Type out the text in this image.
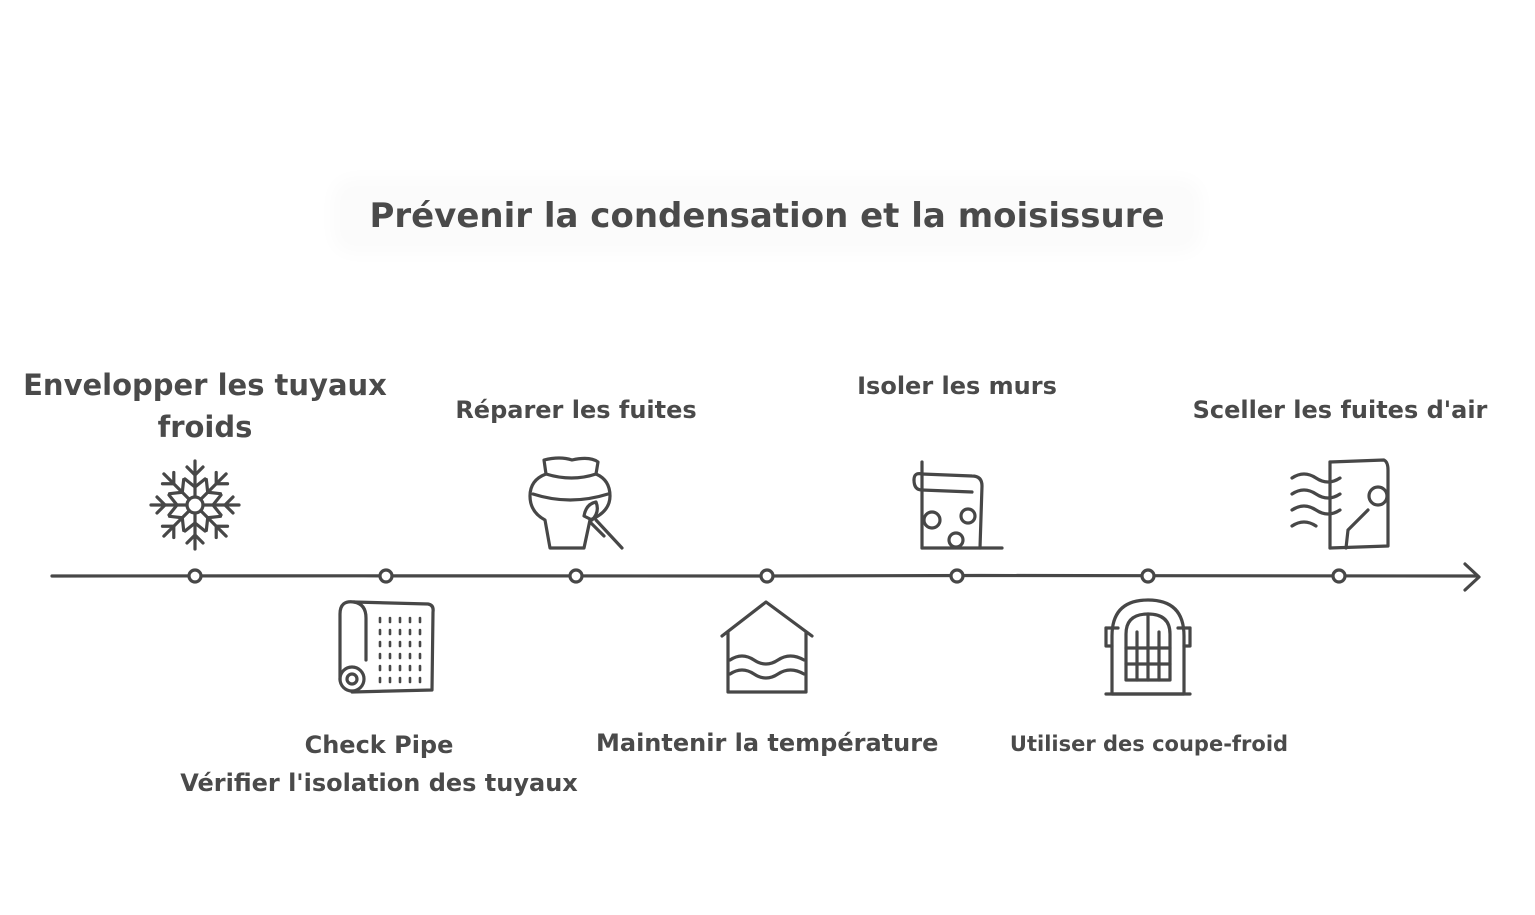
Prévenir la condensation et la moisissure
Envelopper les tuyaux
froids	Réparer les fuites
Isoler les murs
Sceller les fuites d'air
Check Pipe
Vérifier l'isolation des tuyaux
Maintenir la température	Utiliser des coupe-froid
